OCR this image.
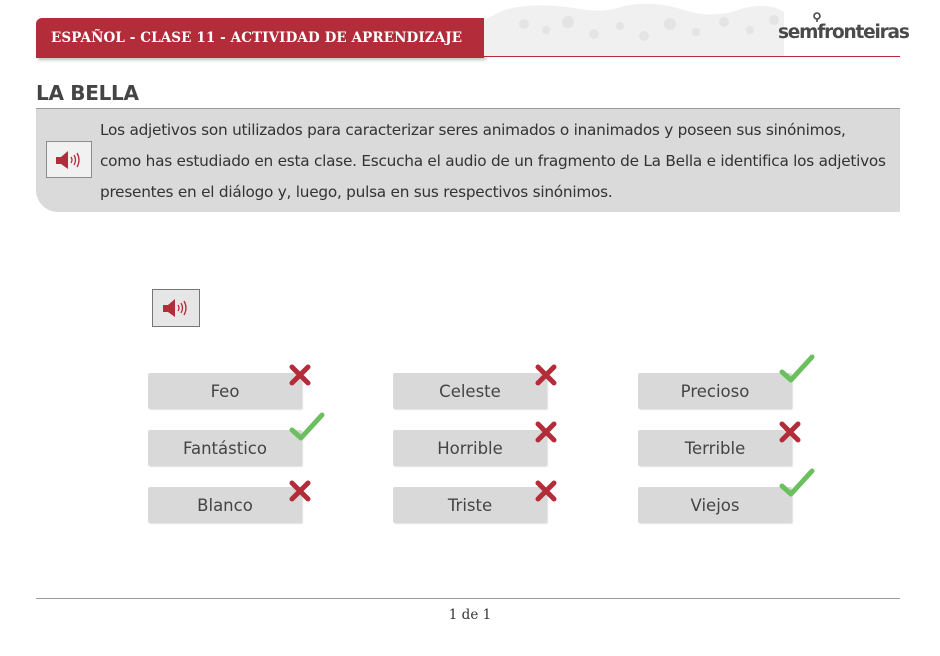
ESPAÑOL - CLASE 11 - ACTIVIDAD DE APRENDIZAJE	semfronteiras
LA BELLA

Los adjetivos son utilizados para caracterizar seres animados o inanimados y poseen sus sinónimos, como has estudiado en esta clase. Escucha el audio de un fragmento de La Bella e identifica los adjetivos presentes en el diálogo y, luego, pulsa en sus respectivos sinónimos.

Feo	Celeste	Precioso
Fantástico	Horrible	Terrible
Blanco	Triste	Viejos
1 de 1
